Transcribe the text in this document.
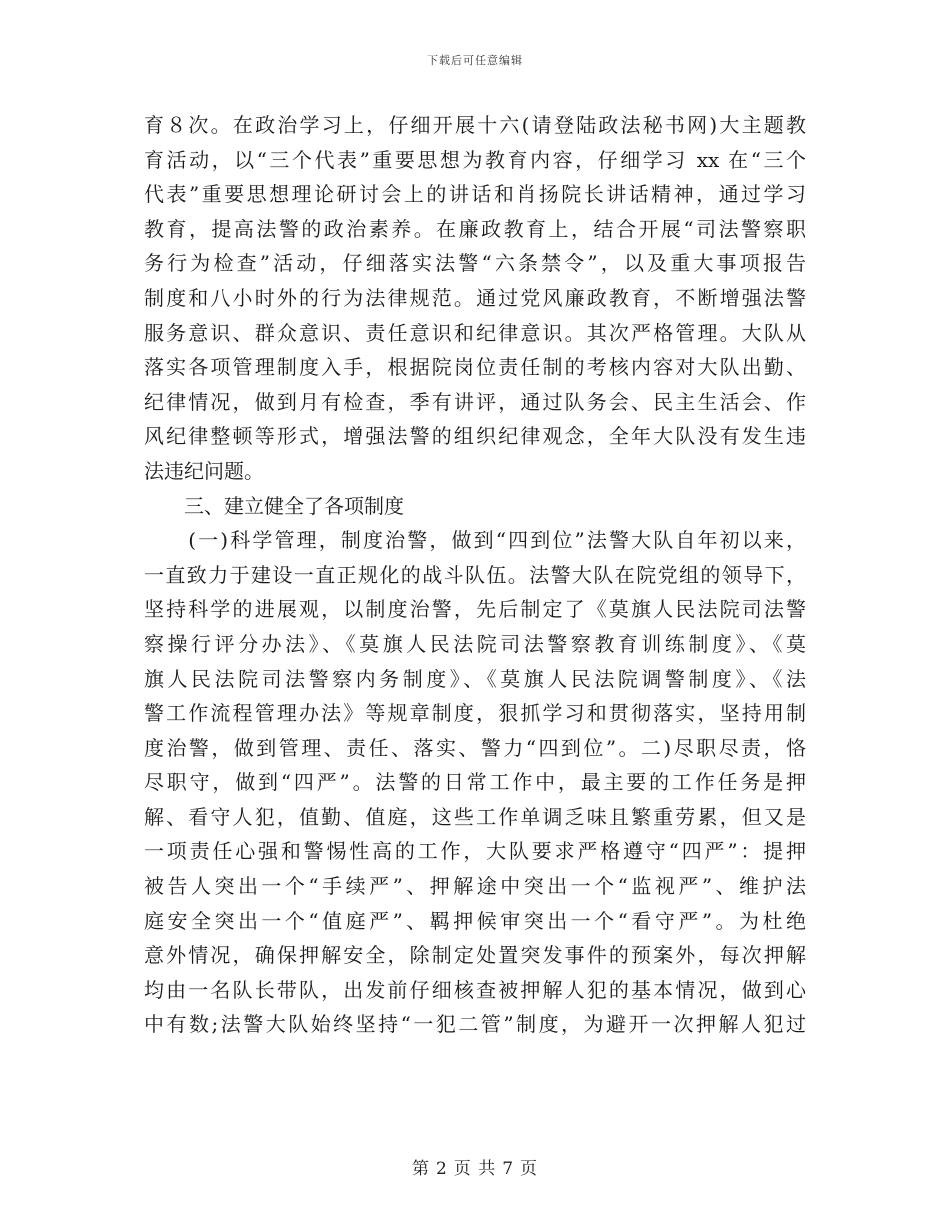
下载后可任意编辑
育８次。在政治学习上，仔细开展十六(请登陆政法秘书网)大主题教
育活动，以“三个代表”重要思想为教育内容，仔细学习 xx 在“三个
代表”重要思想理论研讨会上的讲话和肖扬院长讲话精神，通过学习
教育，提高法警的政治素养。在廉政教育上，结合开展“司法警察职
务行为检查”活动，仔细落实法警“六条禁令”，以及重大事项报告
制度和八小时外的行为法律规范。通过党风廉政教育，不断增强法警
服务意识、群众意识、责任意识和纪律意识。其次严格管理。大队从
落实各项管理制度入手，根据院岗位责任制的考核内容对大队出勤、
纪律情况，做到月有检查，季有讲评，通过队务会、民主生活会、作
风纪律整顿等形式，增强法警的组织纪律观念，全年大队没有发生违
法违纪问题。
　　三、建立健全了各项制度
　　(一)科学管理，制度治警，做到“四到位”法警大队自年初以来，
一直致力于建设一直正规化的战斗队伍。法警大队在院党组的领导下，
坚持科学的进展观，以制度治警，先后制定了《莫旗人民法院司法警
察操行评分办法》、《莫旗人民法院司法警察教育训练制度》、《莫
旗人民法院司法警察内务制度》、《莫旗人民法院调警制度》、《法
警工作流程管理办法》等规章制度，狠抓学习和贯彻落实，坚持用制
度治警，做到管理、责任、落实、警力“四到位”。二)尽职尽责，恪
尽职守，做到“四严”。法警的日常工作中，最主要的工作任务是押
解、看守人犯，值勤、值庭，这些工作单调乏味且繁重劳累，但又是
一项责任心强和警惕性高的工作，大队要求严格遵守“四严”：提押
被告人突出一个“手续严”、押解途中突出一个“监视严”、维护法
庭安全突出一个“值庭严”、羁押候审突出一个“看守严”。为杜绝
意外情况，确保押解安全，除制定处置突发事件的预案外，每次押解
均由一名队长带队，出发前仔细核查被押解人犯的基本情况，做到心
中有数;法警大队始终坚持“一犯二管”制度，为避开一次押解人犯过
第 2 页 共 7 页
